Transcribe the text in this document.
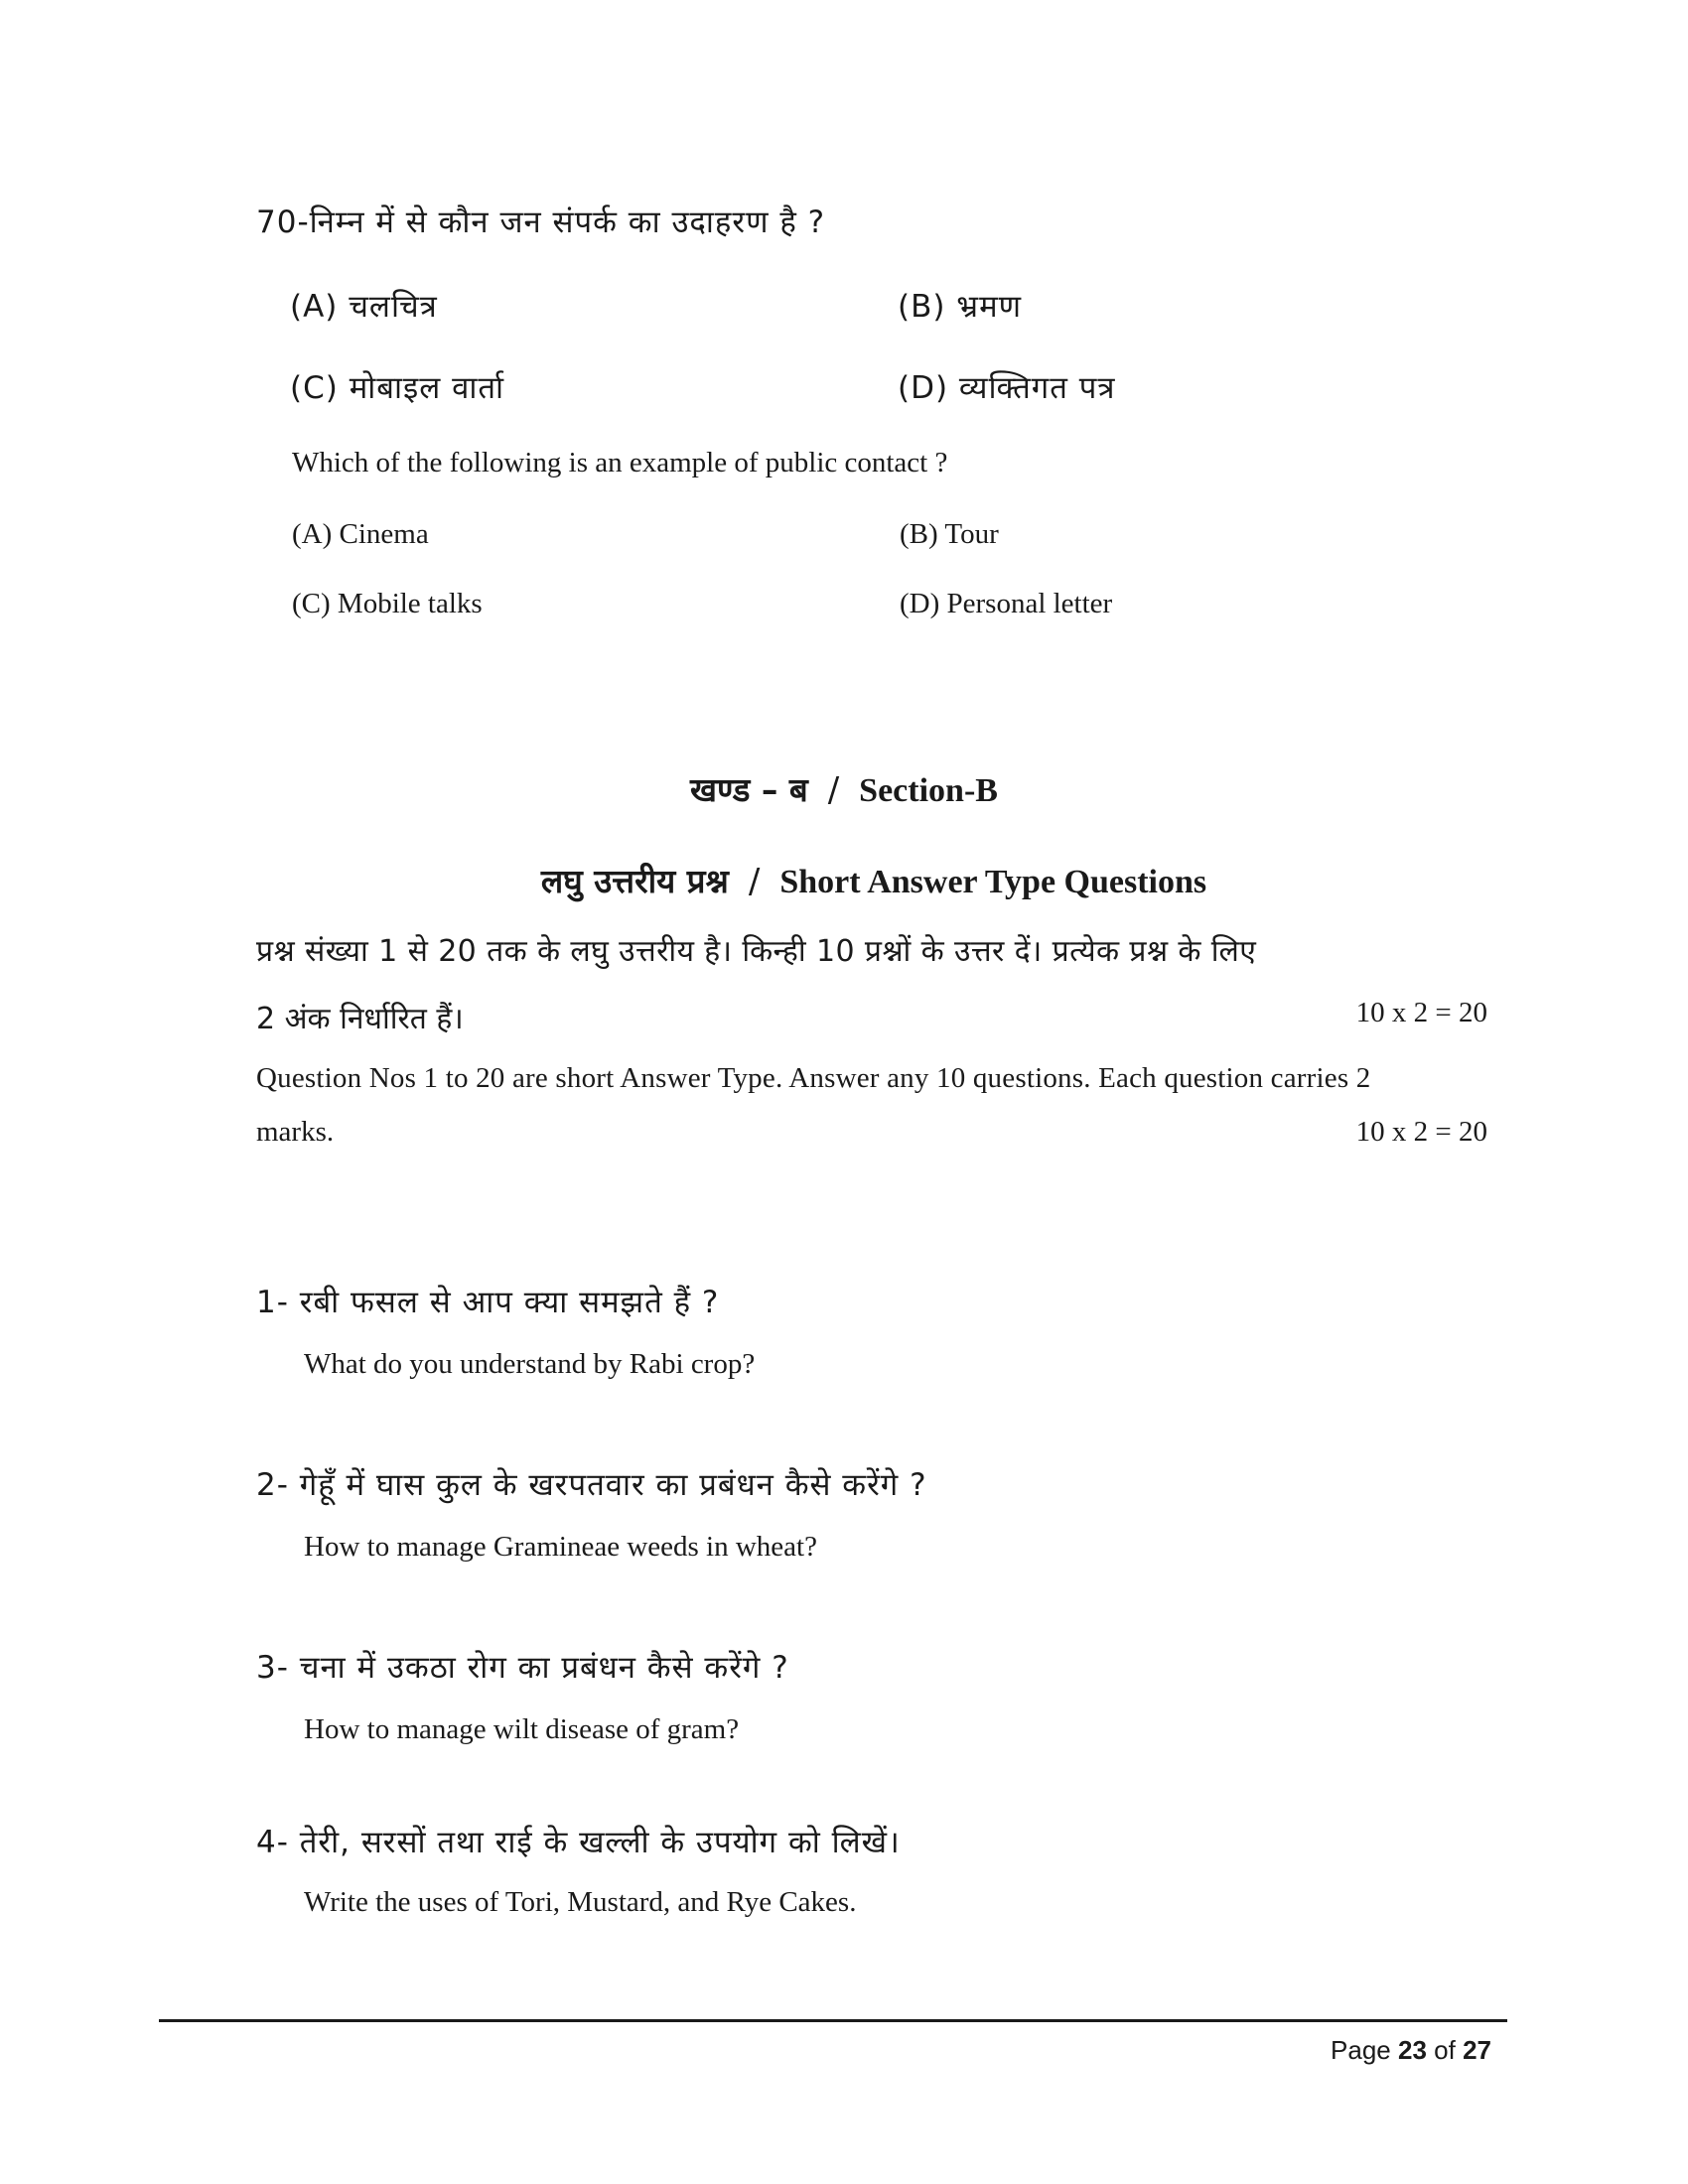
70-निम्न में से कौन जन संपर्क का उदाहरण है ?
(A) चलचित्र	(B) भ्रमण
(C) मोबाइल वार्ता	(D) व्यक्तिगत पत्र
Which of the following is an example of public contact ?
(A) Cinema	(B) Tour
(C) Mobile talks	(D) Personal letter
खण्ड – ब / Section-B
लघु उत्तरीय प्रश्न / Short Answer Type Questions
प्रश्न संख्या 1 से 20 तक के लघु उत्तरीय है। किन्ही 10 प्रश्नों के उत्तर दें। प्रत्येक प्रश्न के लिए
2 अंक निर्धारित हैं।	10 x 2 = 20
Question Nos 1 to 20 are short Answer Type. Answer any 10 questions. Each question carries 2
marks.	10 x 2 = 20
1- रबी फसल से आप क्या समझते हैं ?
What do you understand by Rabi crop?
2- गेहूँ में घास कुल के खरपतवार का प्रबंधन कैसे करेंगे ?
How to manage Gramineae weeds in wheat?
3- चना में उकठा रोग का प्रबंधन कैसे करेंगे ?
How to manage wilt disease of gram?
4- तेरी, सरसों तथा राई के खल्ली के उपयोग को लिखें।
Write the uses of Tori, Mustard, and Rye Cakes.
Page 23 of 27
